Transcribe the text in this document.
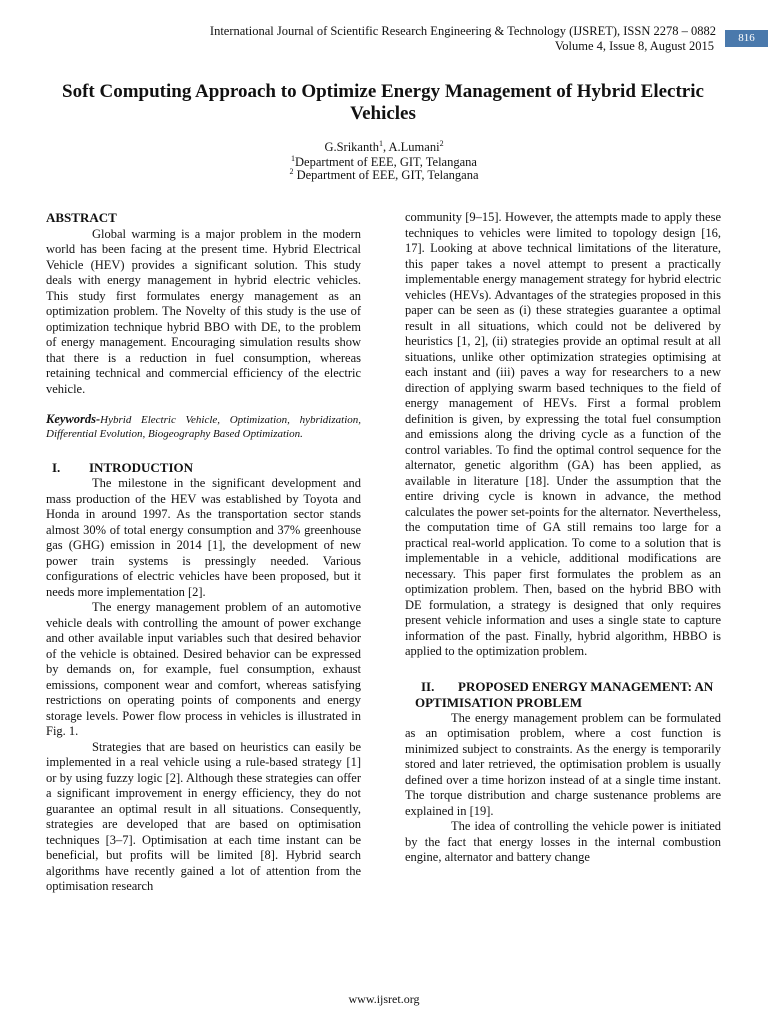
International Journal of Scientific Research Engineering & Technology (IJSRET), ISSN 2278 – 0882
Volume 4, Issue 8, August 2015
816
Soft Computing Approach to Optimize Energy Management of Hybrid Electric Vehicles
G.Srikanth$^1$, A.Lumani$^2$
$^1$Department of EEE, GIT, Telangana
$^2$ Department of EEE, GIT, Telangana
ABSTRACT

Global warming is a major problem in the modern world has been facing at the present time. Hybrid Electrical Vehicle (HEV) provides a significant solution. This study deals with energy management in hybrid electric vehicles. This study first formulates energy management as an optimization problem. The Novelty of this study is the use of optimization technique hybrid BBO with DE, to the problem of energy management. Encouraging simulation results show that there is a reduction in fuel consumption, whereas retaining technical and commercial efficiency of the electric vehicle.

Keywords-Hybrid Electric Vehicle, Optimization, hybridization, Differential Evolution, Biogeography Based Optimization.

I. INTRODUCTION

The milestone in the significant development and mass production of the HEV was established by Toyota and Honda in around 1997. As the transportation sector stands almost 30% of total energy consumption and 37% greenhouse gas (GHG) emission in 2014 [1], the development of new power train systems is pressingly needed. Various configurations of electric vehicles have been proposed, but it needs more implementation [2].

The energy management problem of an automotive vehicle deals with controlling the amount of power exchange and other available input variables such that desired behavior of the vehicle is obtained. Desired behavior can be expressed by demands on, for example, fuel consumption, exhaust emissions, component wear and comfort, whereas satisfying restrictions on operating points of components and energy storage levels. Power flow process in vehicles is illustrated in Fig. 1.

Strategies that are based on heuristics can easily be implemented in a real vehicle using a rule-based strategy [1] or by using fuzzy logic [2]. Although these strategies can offer a significant improvement in energy efficiency, they do not guarantee an optimal result in all situations. Consequently, strategies are developed that are based on optimisation techniques [3–7]. Optimisation at each time instant can be beneficial, but profits will be limited [8]. Hybrid search algorithms have recently gained a lot of attention from the optimisation research

community [9–15]. However, the attempts made to apply these techniques to vehicles were limited to topology design [16, 17]. Looking at above technical limitations of the literature, this paper takes a novel attempt to present a practically implementable energy management strategy for hybrid electric vehicles (HEVs). Advantages of the strategies proposed in this paper can be seen as (i) these strategies guarantee a optimal result in all situations, which could not be delivered by heuristics [1, 2], (ii) strategies provide an optimal result at all situations, unlike other optimization strategies optimising at each instant and (iii) paves a way for researchers to a new direction of applying swarm based techniques to the field of energy management of HEVs. First a formal problem definition is given, by expressing the total fuel consumption and emissions along the driving cycle as a function of the control variables. To find the optimal control sequence for the alternator, genetic algorithm (GA) has been applied, as available in literature [18]. Under the assumption that the entire driving cycle is known in advance, the method calculates the power set-points for the alternator. Nevertheless, the computation time of GA still remains too large for a practical real-world application. To come to a solution that is implementable in a vehicle, additional modifications are necessary. This paper first formulates the problem as an optimization problem. Then, based on the hybrid BBO with DE formulation, a strategy is designed that only requires present vehicle information and uses a single state to capture information of the past. Finally, hybrid algorithm, HBBO is applied to the optimization problem.

II. PROPOSED ENERGY MANAGEMENT: AN OPTIMISATION PROBLEM

The energy management problem can be formulated as an optimisation problem, where a cost function is minimized subject to constraints. As the energy is temporarily stored and later retrieved, the optimisation problem is usually defined over a time horizon instead of at a single time instant. The torque distribution and charge sustenance problems are explained in [19].

The idea of controlling the vehicle power is initiated by the fact that energy losses in the internal combustion engine, alternator and battery change

www.ijsret.org
